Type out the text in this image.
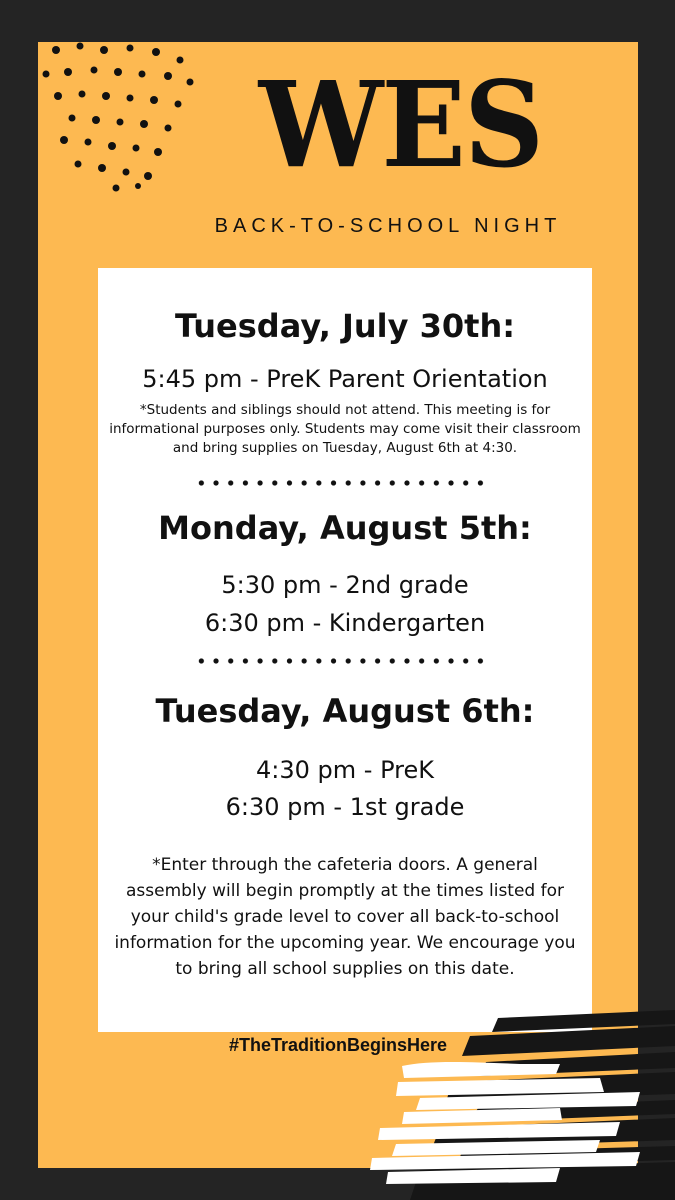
WES
BACK-TO-SCHOOL NIGHT
Tuesday, July 30th:
5:45 pm - PreK Parent Orientation
*Students and siblings should not attend. This meeting is for informational purposes only. Students may come visit their classroom and bring supplies on Tuesday, August 6th at 4:30.
Monday, August 5th:
5:30 pm - 2nd grade
6:30 pm - Kindergarten
Tuesday, August 6th:
4:30 pm - PreK
6:30 pm - 1st grade
*Enter through the cafeteria doors. A general assembly will begin promptly at the times listed for your child's grade level to cover all back-to-school information for the upcoming year. We encourage you to bring all school supplies on this date.
#TheTraditionBeginsHere
